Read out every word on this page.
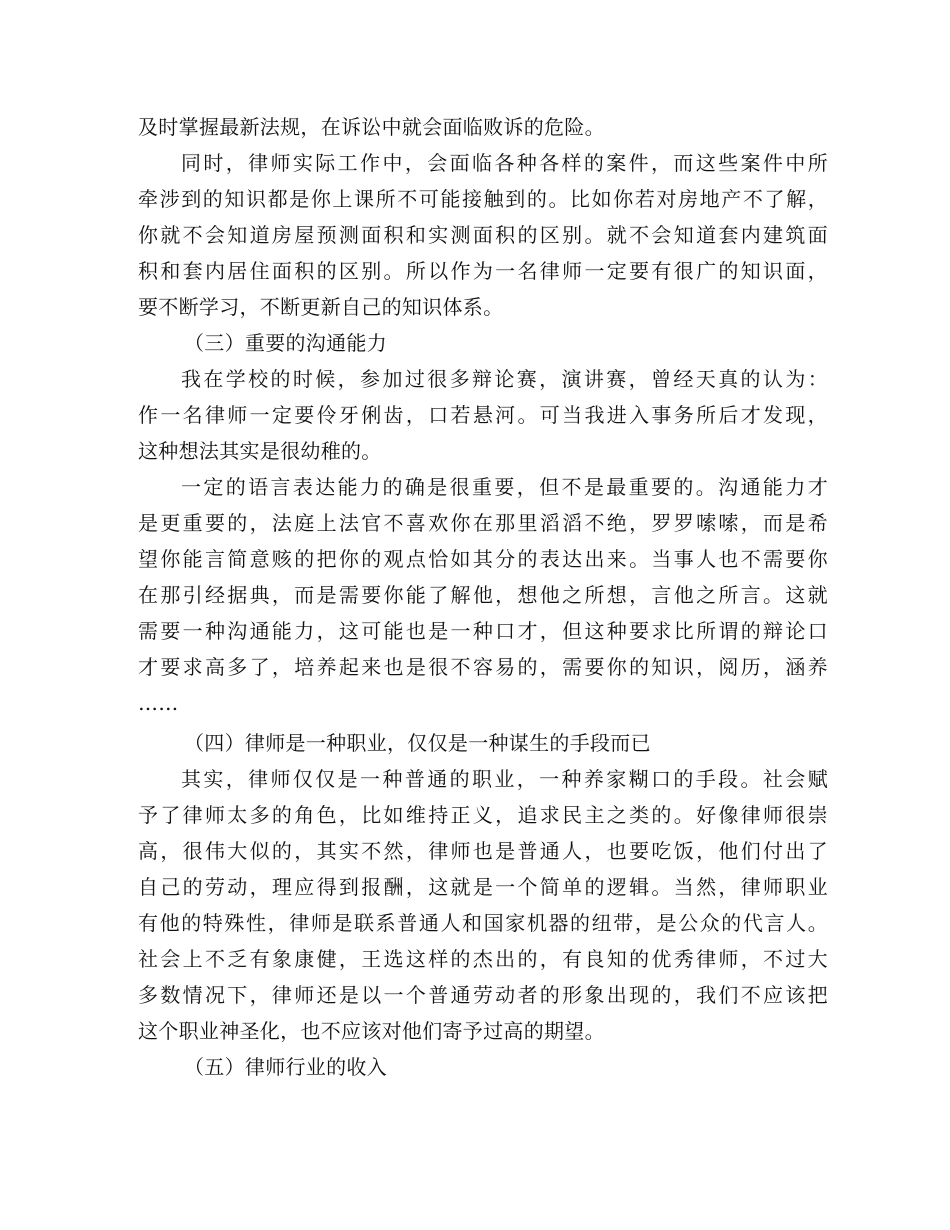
及时掌握最新法规，在诉讼中就会面临败诉的危险。
同时，律师实际工作中，会面临各种各样的案件，而这些案件中所
牵涉到的知识都是你上课所不可能接触到的。比如你若对房地产不了解，
你就不会知道房屋预测面积和实测面积的区别。就不会知道套内建筑面
积和套内居住面积的区别。所以作为一名律师一定要有很广的知识面，
要不断学习，不断更新自己的知识体系。
（三）重要的沟通能力
我在学校的时候，参加过很多辩论赛，演讲赛，曾经天真的认为：
作一名律师一定要伶牙俐齿，口若悬河。可当我进入事务所后才发现，
这种想法其实是很幼稚的。
一定的语言表达能力的确是很重要，但不是最重要的。沟通能力才
是更重要的，法庭上法官不喜欢你在那里滔滔不绝，罗罗嗦嗦，而是希
望你能言简意赅的把你的观点恰如其分的表达出来。当事人也不需要你
在那引经据典，而是需要你能了解他，想他之所想，言他之所言。这就
需要一种沟通能力，这可能也是一种口才，但这种要求比所谓的辩论口
才要求高多了，培养起来也是很不容易的，需要你的知识，阅历，涵养
……
（四）律师是一种职业，仅仅是一种谋生的手段而已
其实，律师仅仅是一种普通的职业，一种养家糊口的手段。社会赋
予了律师太多的角色，比如维持正义，追求民主之类的。好像律师很崇
高，很伟大似的，其实不然，律师也是普通人，也要吃饭，他们付出了
自己的劳动，理应得到报酬，这就是一个简单的逻辑。当然，律师职业
有他的特殊性，律师是联系普通人和国家机器的纽带，是公众的代言人。
社会上不乏有象康健，王选这样的杰出的，有良知的优秀律师，不过大
多数情况下，律师还是以一个普通劳动者的形象出现的，我们不应该把
这个职业神圣化，也不应该对他们寄予过高的期望。
（五）律师行业的收入
